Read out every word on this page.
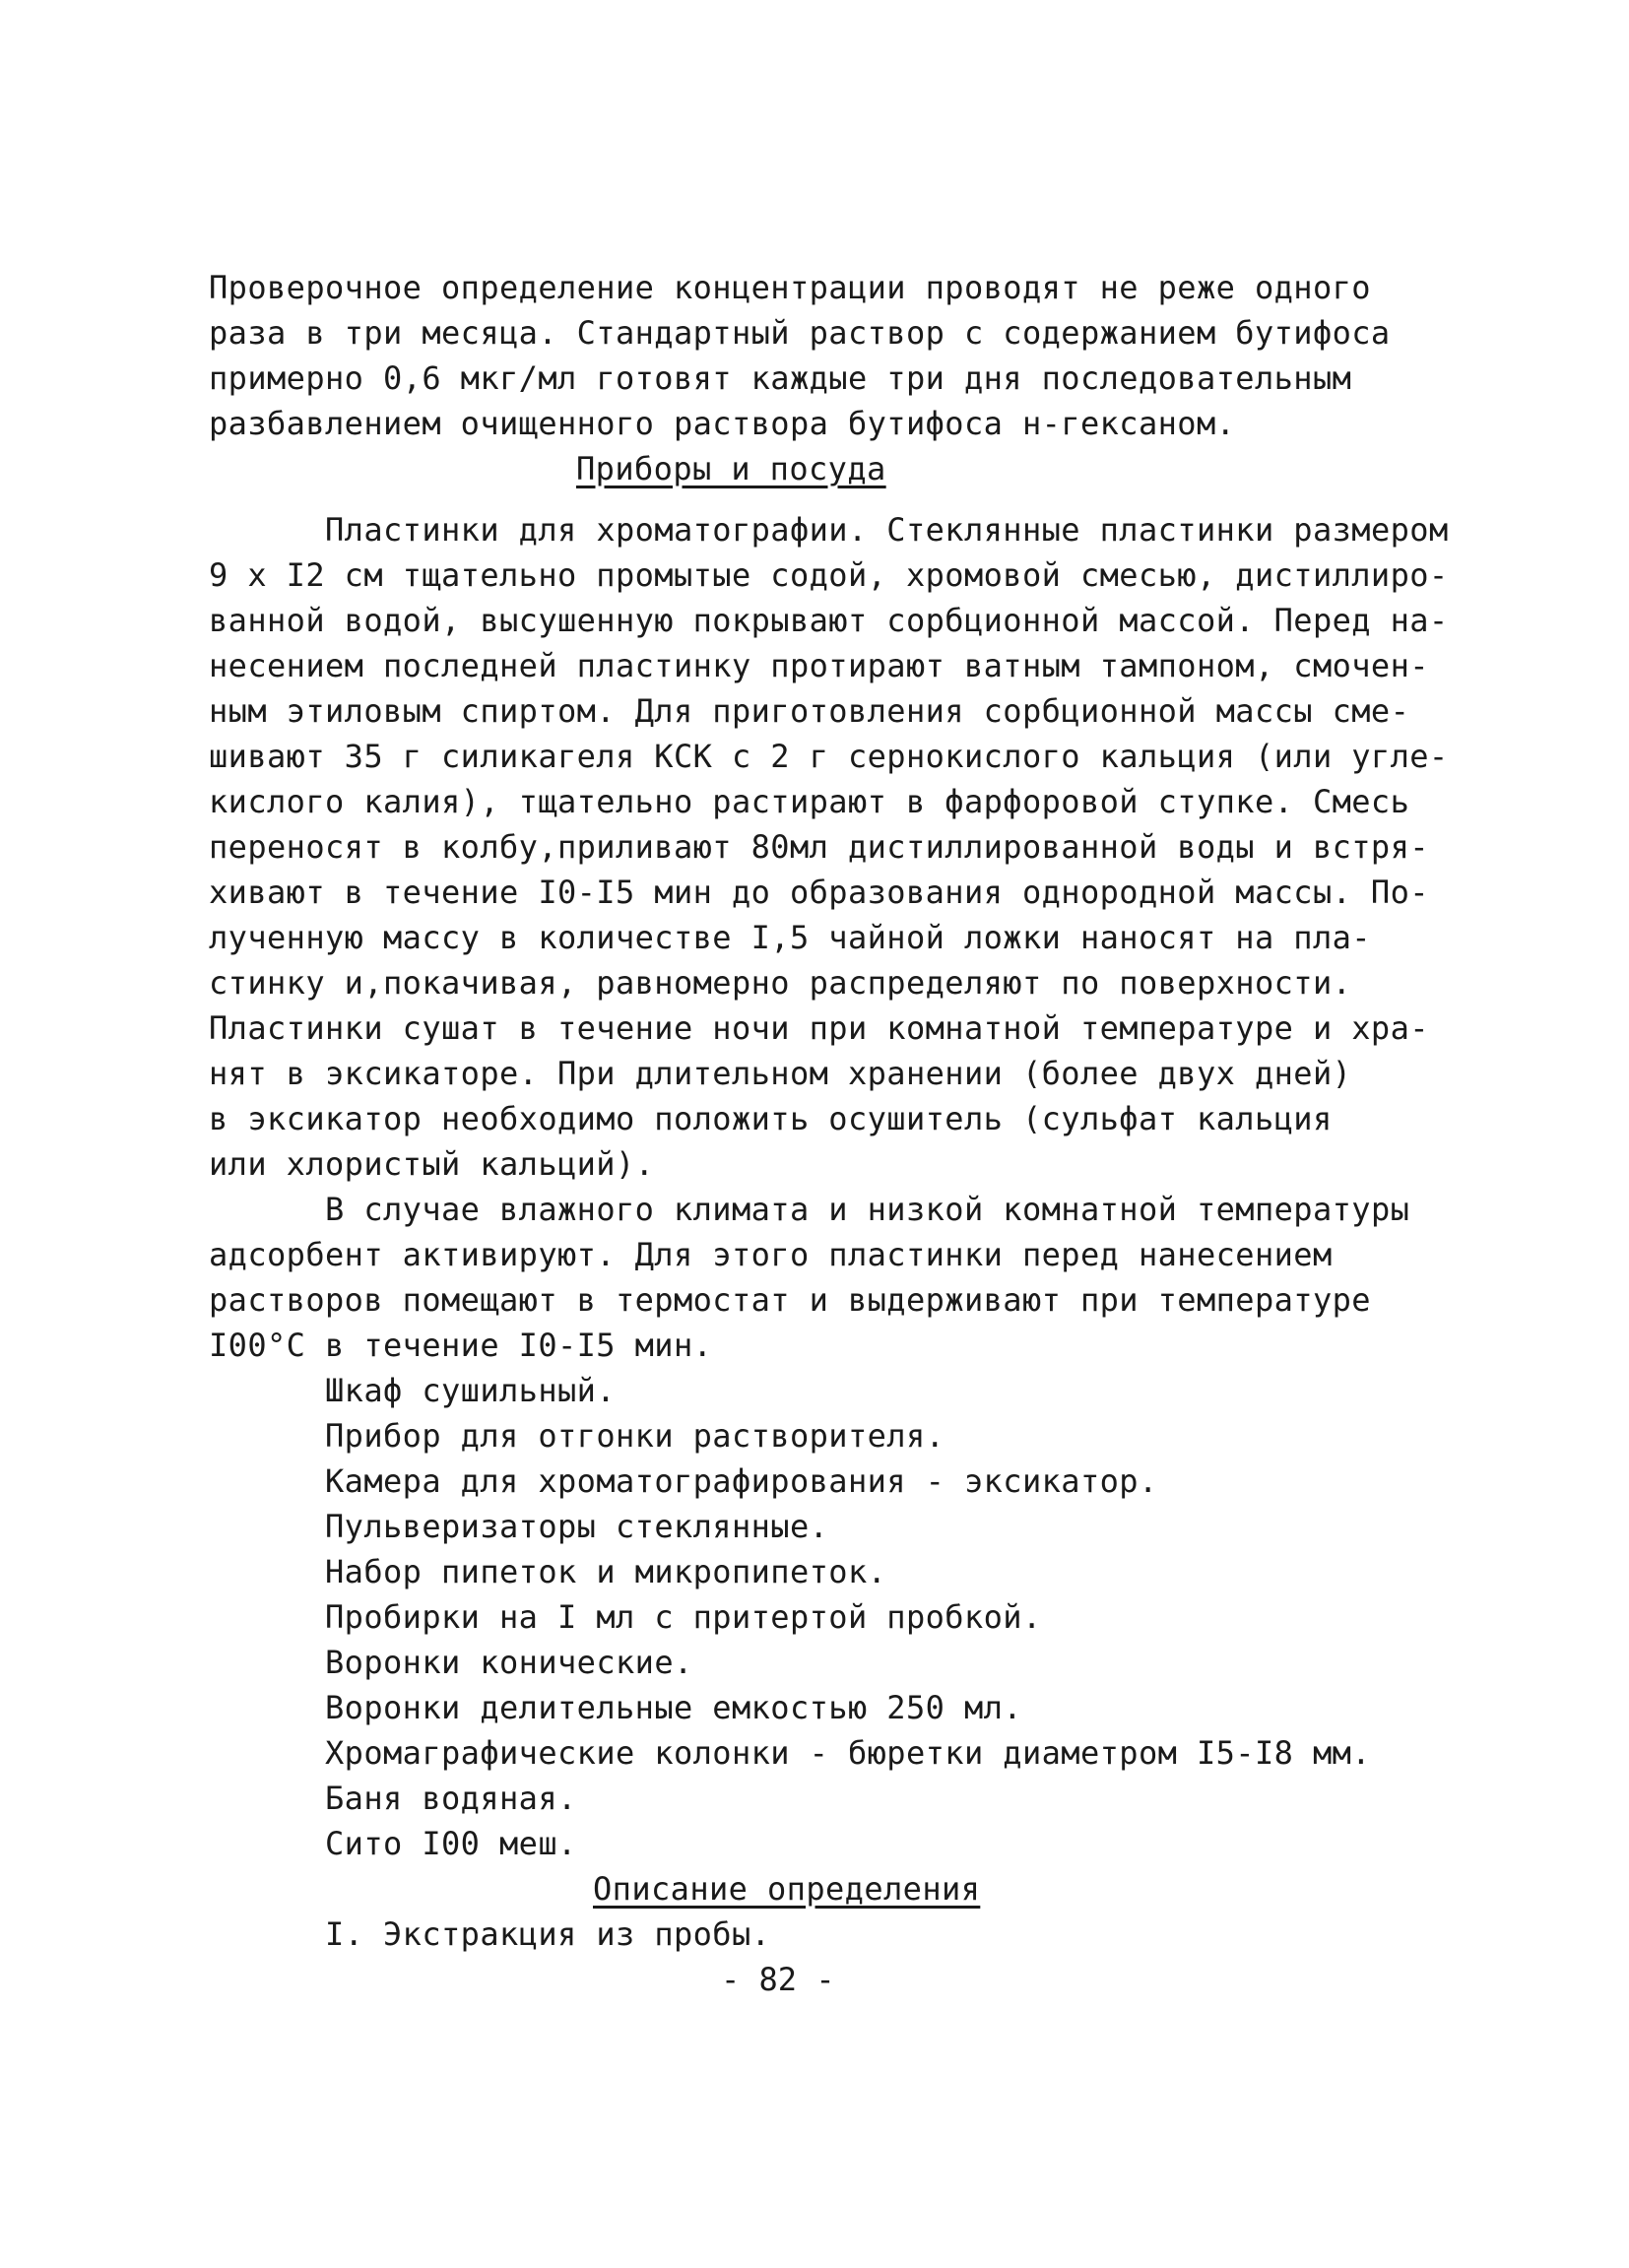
Проверочное определение концентрации проводят не реже одного
раза в три месяца. Стандартный раствор с содержанием бутифоса
примерно 0,6 мкг/мл готовят каждые три дня последовательным
разбавлением очищенного раствора бутифоса н-гексаном.
Приборы и посуда
Пластинки для хроматографии. Стеклянные пластинки размером
9 х I2 см тщательно промытые содой, хромовой смесью, дистиллиро-
ванной водой, высушенную покрывают сорбционной массой. Перед на-
несением последней пластинку протирают ватным тампоном, смочен-
ным этиловым спиртом. Для приготовления сорбционной массы сме-
шивают 35 г силикагеля КСК с 2 г сернокислого кальция (или угле-
кислого калия), тщательно растирают в фарфоровой ступке. Смесь
переносят в колбу,приливают 80мл дистиллированной воды и встря-
хивают в течение I0-I5 мин до образования однородной массы. По-
лученную массу в количестве I,5 чайной ложки наносят на пла-
стинку и,покачивая, равномерно распределяют по поверхности.
Пластинки сушат в течение ночи при комнатной температуре и хра-
нят в эксикаторе. При длительном хранении (более двух дней)
в эксикатор необходимо положить осушитель (сульфат кальция
или хлористый кальций).
В случае влажного климата и низкой комнатной температуры
адсорбент активируют. Для этого пластинки перед нанесением
растворов помещают в термостат и выдерживают при температуре
I00°С в течение I0-I5 мин.
Шкаф сушильный.
Прибор для отгонки растворителя.
Камера для хроматографирования - эксикатор.
Пульверизаторы стеклянные.
Набор пипеток и микропипеток.
Пробирки на I мл с притертой пробкой.
Воронки конические.
Воронки делительные емкостью 250 мл.
Хромаграфические колонки - бюретки диаметром I5-I8 мм.
Баня водяная.
Сито I00 меш.
Описание определения
I. Экстракция из пробы.
- 82 -
